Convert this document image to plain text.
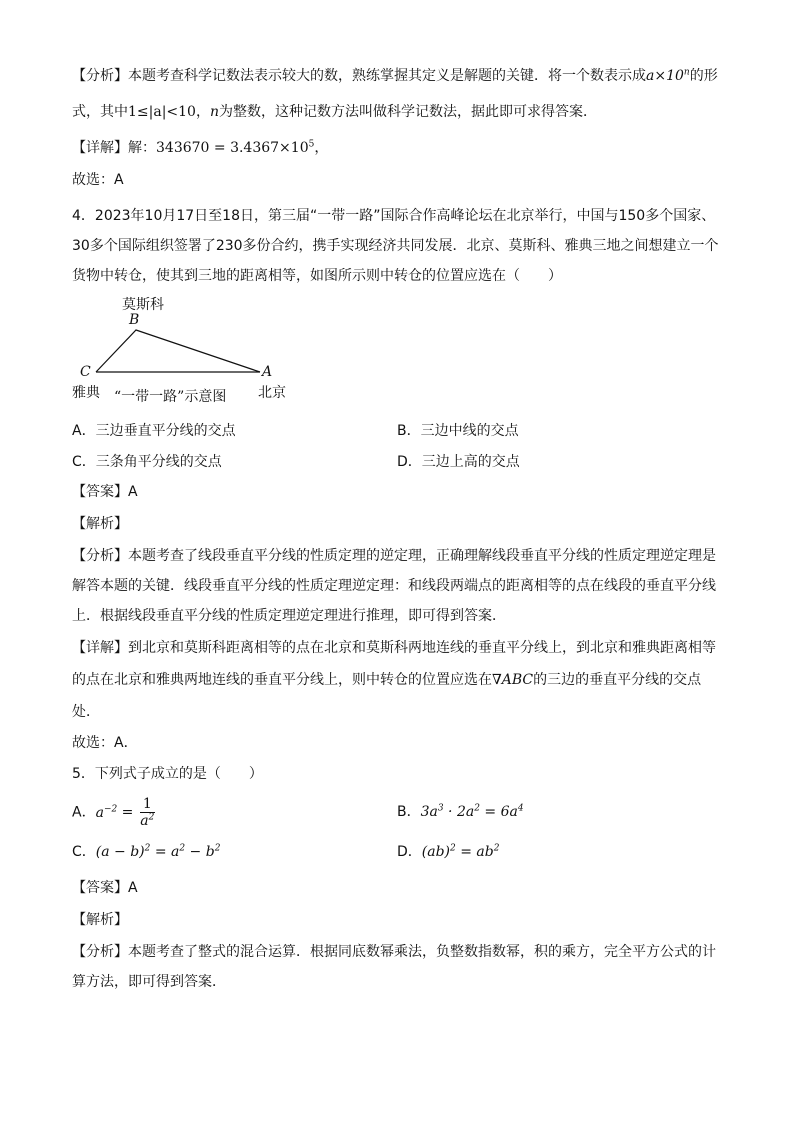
【分析】本题考查科学记数法表示较大的数，熟练掌握其定义是解题的关键．将一个数表示成$a\times 10^n$的形
式，其中1≤|a|<10，n为整数，这种记数方法叫做科学记数法，据此即可求得答案．
【详解】解：$343670 = 3.4367\times 10^5$，
故选：A
4．2023年10月17日至18日，第三届“一带一路”国际合作高峰论坛在北京举行，中国与150多个国家、
30多个国际组织签署了230多份合约，携手实现经济共同发展．北京、莫斯科、雅典三地之间想建立一个
货物中转仓，使其到三地的距离相等，如图所示则中转仓的位置应选在（　　）
莫斯科
B
C	A
雅典 “一带一路”示意图 北京
A．三边垂直平分线的交点	B．三边中线的交点
C．三条角平分线的交点	D．三边上高的交点
【答案】A
【解析】
【分析】本题考查了线段垂直平分线的性质定理的逆定理，正确理解线段垂直平分线的性质定理逆定理是
解答本题的关键．线段垂直平分线的性质定理逆定理：和线段两端点的距离相等的点在线段的垂直平分线
上．根据线段垂直平分线的性质定理逆定理进行推理，即可得到答案．
【详解】到北京和莫斯科距离相等的点在北京和莫斯科两地连线的垂直平分线上，到北京和雅典距离相等
的点在北京和雅典两地连线的垂直平分线上，则中转仓的位置应选在∇ABC的三边的垂直平分线的交点
处．
故选：A．
5．下列式子成立的是（　　）
A．$a^{-2} = \frac{1}{a^2}$	B．$3a^3 \cdot 2a^2 = 6a^4$
C．$(a - b)^2 = a^2 - b^2$	D．$(ab)^2 = ab^2$
【答案】A
【解析】
【分析】本题考查了整式的混合运算．根据同底数幂乘法，负整数指数幂，积的乘方，完全平方公式的计
算方法，即可得到答案．
